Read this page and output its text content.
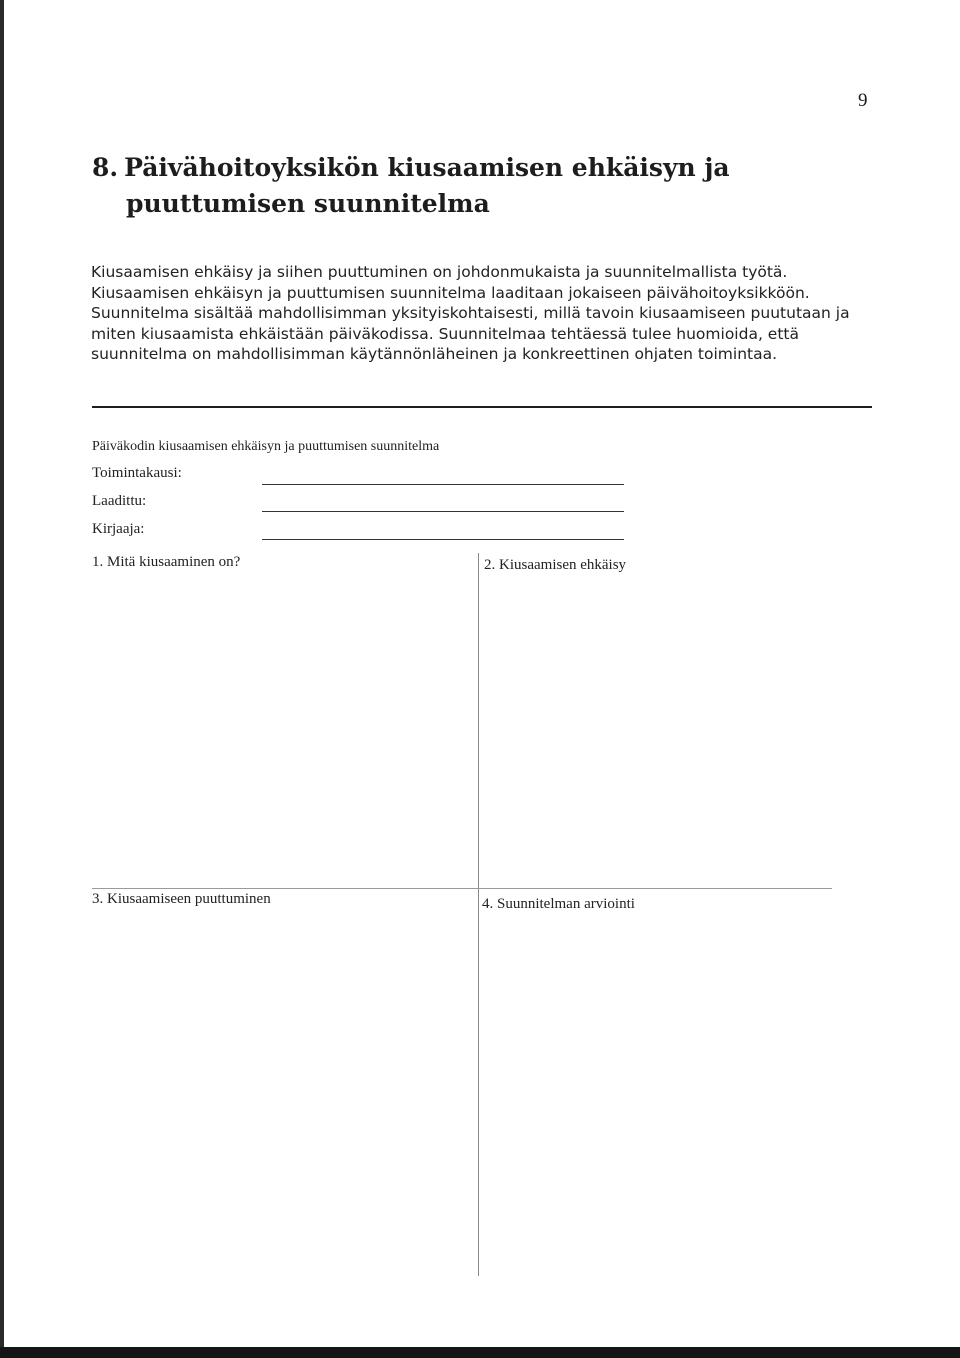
9
8. Päivähoitoyksikön kiusaamisen ehkäisyn ja
puuttumisen suunnitelma

Kiusaamisen ehkäisy ja siihen puuttuminen on johdonmukaista ja suunnitelmallista työtä. Kiusaamisen ehkäisyn ja puuttumisen suunnitelma laaditaan jokaiseen päivähoitoyksikköön. Suunnitelma sisältää mahdollisimman yksityiskohtaisesti, millä tavoin kiusaamiseen puututaan ja miten kiusaamista ehkäistään päiväkodissa. Suunnitelmaa tehtäessä tulee huomioida, että suunnitelma on mahdollisimman käytännönläheinen ja konkreettinen ohjaten toimintaa.

Päiväkodin kiusaamisen ehkäisyn ja puuttumisen suunnitelma
Toimintakausi:
Laadittu:
Kirjaaja:
1. Mitä kiusaaminen on?	2. Kiusaamisen ehkäisy
3. Kiusaamiseen puuttuminen	4. Suunnitelman arviointi
